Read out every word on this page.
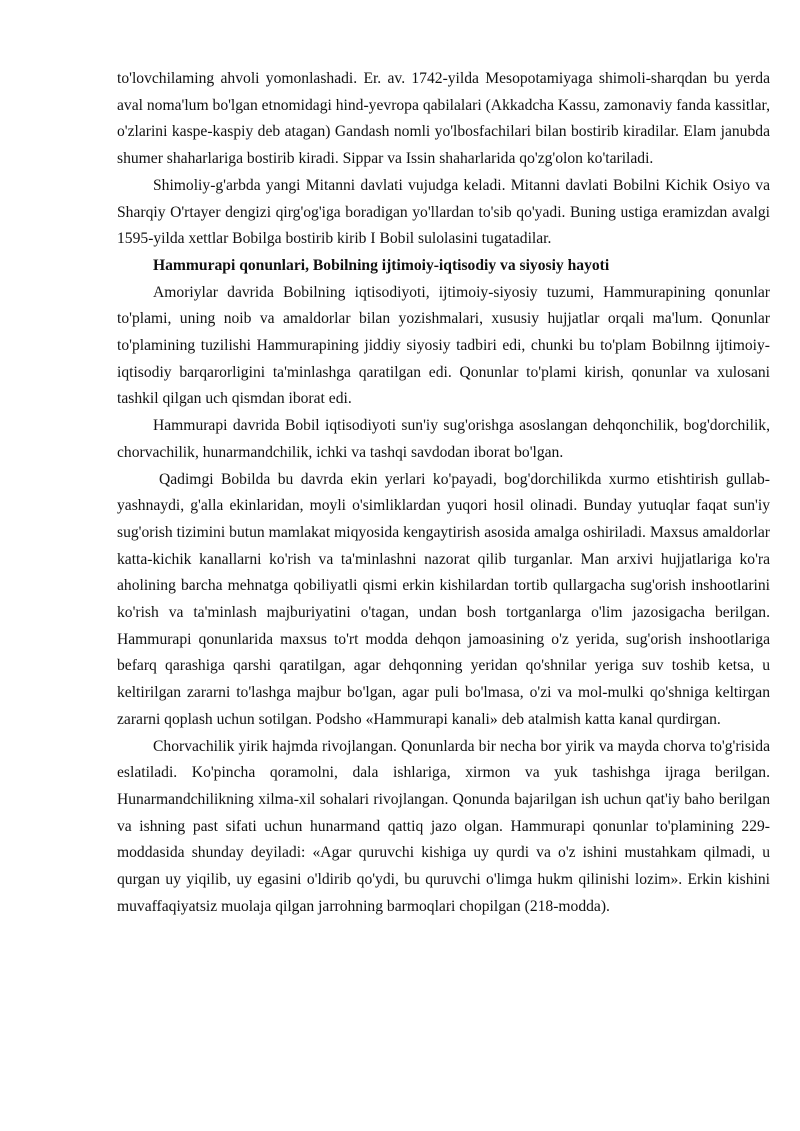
to'lovchilaming ahvoli yomonlashadi. Er. av. 1742-yilda Mesopotamiyaga shimoli-sharqdan bu yerda aval noma'lum bo'lgan etnomidagi hind-yevropa qabilalari (Akkadcha Kassu, zamonaviy fanda kassitlar, o'zlarini kaspe-kaspiy deb atagan) Gandash nomli yo'lbosfachilari bilan bostirib kiradilar. Elam janubda shumer shaharlariga bostirib kiradi. Sippar va Issin shaharlarida qo'zg'olon ko'tariladi.

Shimoliy-g'arbda yangi Mitanni davlati vujudga keladi. Mitanni davlati Bobilni Kichik Osiyo va Sharqiy O'rtayer dengizi qirg'og'iga boradigan yo'llardan to'sib qo'yadi. Buning ustiga eramizdan avalgi 1595-yilda xettlar Bobilga bostirib kirib I Bobil sulolasini tugatadilar.

Hammurapi qonunlari, Bobilning ijtimoiy-iqtisodiy va siyosiy hayoti

Amoriylar davrida Bobilning iqtisodiyoti, ijtimoiy-siyosiy tuzumi, Hammurapining qonunlar to'plami, uning noib va amaldorlar bilan yozishmalari, xususiy hujjatlar orqali ma'lum. Qonunlar to'plamining tuzilishi Hammurapining jiddiy siyosiy tadbiri edi, chunki bu to'plam Bobilnng ijtimoiy-iqtisodiy barqarorligini ta'minlashga qaratilgan edi. Qonunlar to'plami kirish, qonunlar va xulosani tashkil qilgan uch qismdan iborat edi.

Hammurapi davrida Bobil iqtisodiyoti sun'iy sug'orishga asoslangan dehqonchilik, bog'dorchilik, chorvachilik, hunarmandchilik, ichki va tashqi savdodan iborat bo'lgan.

Qadimgi Bobilda bu davrda ekin yerlari ko'payadi, bog'dorchilikda xurmo etishtirish gullab-yashnaydi, g'alla ekinlaridan, moyli o'simliklardan yuqori hosil olinadi. Bunday yutuqlar faqat sun'iy sug'orish tizimini butun mamlakat miqyosida kengaytirish asosida amalga oshiriladi. Maxsus amaldorlar katta-kichik kanallarni ko'rish va ta'minlashni nazorat qilib turganlar. Man arxivi hujjatlariga ko'ra aholining barcha mehnatga qobiliyatli qismi erkin kishilardan tortib qullargacha sug'orish inshootlarini ko'rish va ta'minlash majburiyatini o'tagan, undan bosh tortganlarga o'lim jazosigacha berilgan. Hammurapi qonunlarida maxsus to'rt modda dehqon jamoasining o'z yerida, sug'orish inshootlariga befarq qarashiga qarshi qaratilgan, agar dehqonning yeridan qo'shnilar yeriga suv toshib ketsa, u keltirilgan zararni to'lashga majbur bo'lgan, agar puli bo'lmasa, o'zi va mol-mulki qo'shniga keltirgan zararni qoplash uchun sotilgan. Podsho «Hammurapi kanali» deb atalmish katta kanal qurdirgan.

Chorvachilik yirik hajmda rivojlangan. Qonunlarda bir necha bor yirik va mayda chorva to'g'risida eslatiladi. Ko'pincha qoramolni, dala ishlariga, xirmon va yuk tashishga ijraga berilgan. Hunarmandchilikning xilma-xil sohalari rivojlangan. Qonunda bajarilgan ish uchun qat'iy baho berilgan va ishning past sifati uchun hunarmand qattiq jazo olgan. Hammurapi qonunlar to'plamining 229-moddasida shunday deyiladi: «Agar quruvchi kishiga uy qurdi va o'z ishini mustahkam qilmadi, u qurgan uy yiqilib, uy egasini o'ldirib qo'ydi, bu quruvchi o'limga hukm qilinishi lozim». Erkin kishini muvaffaqiyatsiz muolaja qilgan jarrohning barmoqlari chopilgan (218-modda).
